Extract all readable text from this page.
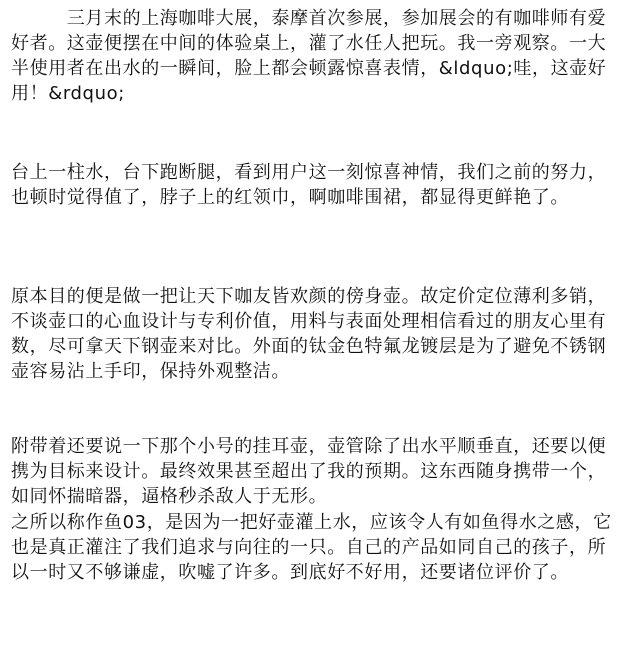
　　　三月末的上海咖啡大展，泰摩首次参展，参加展会的有咖啡师有爱好者。这壶便摆在中间的体验桌上，灌了水任人把玩。我一旁观察。一大半使用者在出水的一瞬间，脸上都会顿露惊喜表情，&ldquo;哇，这壶好用！&rdquo;

台上一柱水，台下跑断腿，看到用户这一刻惊喜神情，我们之前的努力，也顿时觉得值了，脖子上的红领巾，啊咖啡围裙，都显得更鲜艳了。

原本目的便是做一把让天下咖友皆欢颜的傍身壶。故定价定位薄利多销，不谈壶口的心血设计与专利价值，用料与表面处理相信看过的朋友心里有数，尽可拿天下钢壶来对比。外面的钛金色特氟龙镀层是为了避免不锈钢壶容易沾上手印，保持外观整洁。

附带着还要说一下那个小号的挂耳壶，壶管除了出水平顺垂直，还要以便携为目标来设计。最终效果甚至超出了我的预期。这东西随身携带一个，如同怀揣暗器，逼格秒杀敌人于无形。

之所以称作鱼03，是因为一把好壶灌上水，应该令人有如鱼得水之感，它也是真正灌注了我们追求与向往的一只。自己的产品如同自己的孩子，所以一时又不够谦虚，吹嘘了许多。到底好不好用，还要诸位评价了。
